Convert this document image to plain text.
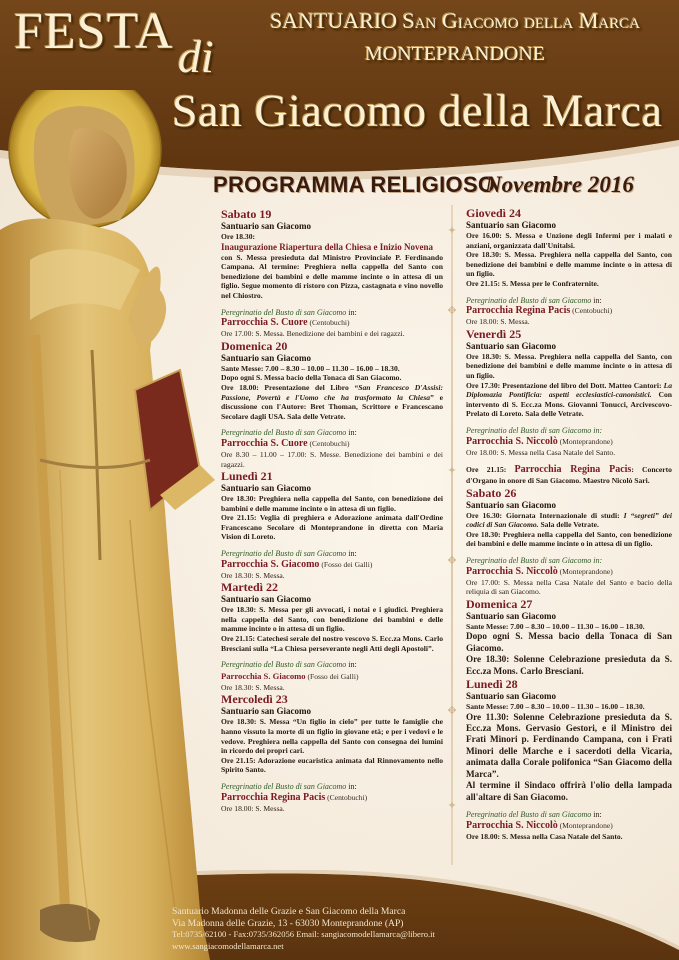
FESTA di
SANTUARIO San Giacomo della Marca
MONTEPRANDONE
San Giacomo della Marca
PROGRAMMA RELIGIOSO
Novembre 2016
✦
✥
✦
✥
✥
✦
Sabato 19
Santuario san Giacomo
Ore 18.30:
Inaugurazione Riapertura della Chiesa e Inizio Novena
con S. Messa presieduta dal Ministro Provinciale P. Ferdinando Campana. Al termine: Preghiera nella cappella del Santo con benedizione dei bambini e delle mamme incinte o in attesa di un figlio. Segue momento di ristoro con Pizza, castagnata e vino novello nel Chiostro.
Peregrinatio del Busto di san Giacomo in:
Parrocchia S. Cuore (Centobuchi)
Ore 17.00: S. Messa. Benedizione dei bambini e dei ragazzi.
Domenica 20
Santuario san Giacomo
Sante Messe: 7.00 – 8.30 – 10.00 – 11.30 – 16.00 – 18.30.
Dopo ogni S. Messa bacio della Tonaca di San Giacomo.
Ore 18.00: Presentazione del Libro “San Francesco D'Assisi: Passione, Povertà e l'Uomo che ha trasformato la Chiesa” e discussione con l'Autore: Bret Thoman, Scrittore e Francescano Secolare dagli USA. Sala delle Vetrate.
Peregrinatio del Busto di san Giacomo in:
Parrocchia S. Cuore (Centobuchi)
Ore 8.30 – 11.00 – 17.00: S. Messe. Benedizione dei bambini e dei ragazzi.
Lunedì 21
Santuario san Giacomo
Ore 18.30: Preghiera nella cappella del Santo, con benedizione dei bambini e delle mamme incinte o in attesa di un figlio.
Ore 21.15: Veglia di preghiera e Adorazione animata dall'Ordine Francescano Secolare di Monteprandone in diretta con Maria Vision di Loreto.
Peregrinatio del Busto di san Giacomo in:
Parrocchia S. Giacomo (Fosso dei Galli)
Ore 18.30: S. Messa.
Martedì 22
Santuario san Giacomo
Ore 18.30: S. Messa per gli avvocati, i notai e i giudici. Preghiera nella cappella del Santo, con benedizione dei bambini e delle mamme incinte o in attesa di un figlio.
Ore 21.15: Catechesi serale del nostro vescovo S. Ecc.za Mons. Carlo Bresciani sulla “La Chiesa perseverante negli Atti degli Apostoli”.
Peregrinatio del Busto di san Giacomo in:
Parrocchia S. Giacomo (Fosso dei Galli)
Ore 18.30: S. Messa.
Mercoledì 23
Santuario san Giacomo
Ore 18.30: S. Messa “Un figlio in cielo” per tutte le famiglie che hanno vissuto la morte di un figlio in giovane età; e per i vedovi e le vedove. Preghiera nella cappella del Santo con consegna dei lumini in ricordo dei propri cari.
Ore 21.15: Adorazione eucaristica animata dal Rinnovamento nello Spirito Santo.
Peregrinatio del Busto di san Giacomo in:
Parrocchia Regina Pacis (Centobuchi)
Ore 18.00: S. Messa.
Giovedì 24
Santuario san Giacomo
Ore 16.00: S. Messa e Unzione degli Infermi per i malati e anziani, organizzata dall'Unitalsi.
Ore 18.30: S. Messa. Preghiera nella cappella del Santo, con benedizione dei bambini e delle mamme incinte o in attesa di un figlio.
Ore 21.15: S. Messa per le Confraternite.
Peregrinatio del Busto di san Giacomo in:
Parrocchia Regina Pacis (Centobuchi)
Ore 18.00: S. Messa.
Venerdì 25
Santuario san Giacomo
Ore 18.30: S. Messa. Preghiera nella cappella del Santo, con benedizione dei bambini e delle mamme incinte o in attesa di un figlio.
Ore 17.30: Presentazione del libro del Dott. Matteo Cantori: La Diplomazia Pontificia: aspetti ecclesiastici-canonistici. Con intervento di S. Ecc.za Mons. Giovanni Tonucci, Arcivescovo-Prelato di Loreto. Sala delle Vetrate.
Peregrinatio del Busto di san Giacomo in:
Parrocchia S. Niccolò (Monteprandone)
Ore 18.00: S. Messa nella Casa Natale del Santo.
Ore 21.15: Parrocchia Regina Pacis: Concerto d'Organo in onore di San Giacomo. Maestro Nicolò Sari.
Sabato 26
Santuario san Giacomo
Ore 16.30: Giornata Internazionale di studi: I “segreti” dei codici di San Giacomo. Sala delle Vetrate.
Ore 18.30: Preghiera nella cappella del Santo, con benedizione dei bambini e delle mamme incinte o in attesa di un figlio.
Peregrinatio del Busto di san Giacomo in:
Parrocchia S. Niccolò (Monteprandone)
Ore 17.00: S. Messa nella Casa Natale del Santo e bacio della reliquia di san Giacomo.
Domenica 27
Santuario san Giacomo
Sante Messe: 7.00 – 8.30 – 10.00 – 11.30 – 16.00 – 18.30.
Dopo ogni S. Messa bacio della Tonaca di San Giacomo.
Ore 18.30: Solenne Celebrazione presieduta da S. Ecc.za Mons. Carlo Bresciani.
Lunedì 28
Santuario san Giacomo
Sante Messe: 7.00 – 8.30 – 10.00 – 11.30 – 16.00 – 18.30.
Ore 11.30: Solenne Celebrazione presieduta da S. Ecc.za Mons. Gervasio Gestori, e il Ministro dei Frati Minori p. Ferdinando Campana, con i Frati Minori delle Marche e i sacerdoti della Vicaria, animata dalla Corale polifonica “San Giacomo della Marca”.
Al termine il Sindaco offrirà l'olio della lampada all'altare di San Giacomo.
Peregrinatio del Busto di san Giacomo in:
Parrocchia S. Niccolò (Monteprandone)
Ore 18.00: S. Messa nella Casa Natale del Santo.
Santuario Madonna delle Grazie e San Giacomo della Marca
Via Madonna delle Grazie, 13 - 63030 Monteprandone (AP)
Tel:0735/62100 - Fax:0735/362056 Email: sangiacomodellamarca@libero.it
www.sangiacomodellamarca.net
